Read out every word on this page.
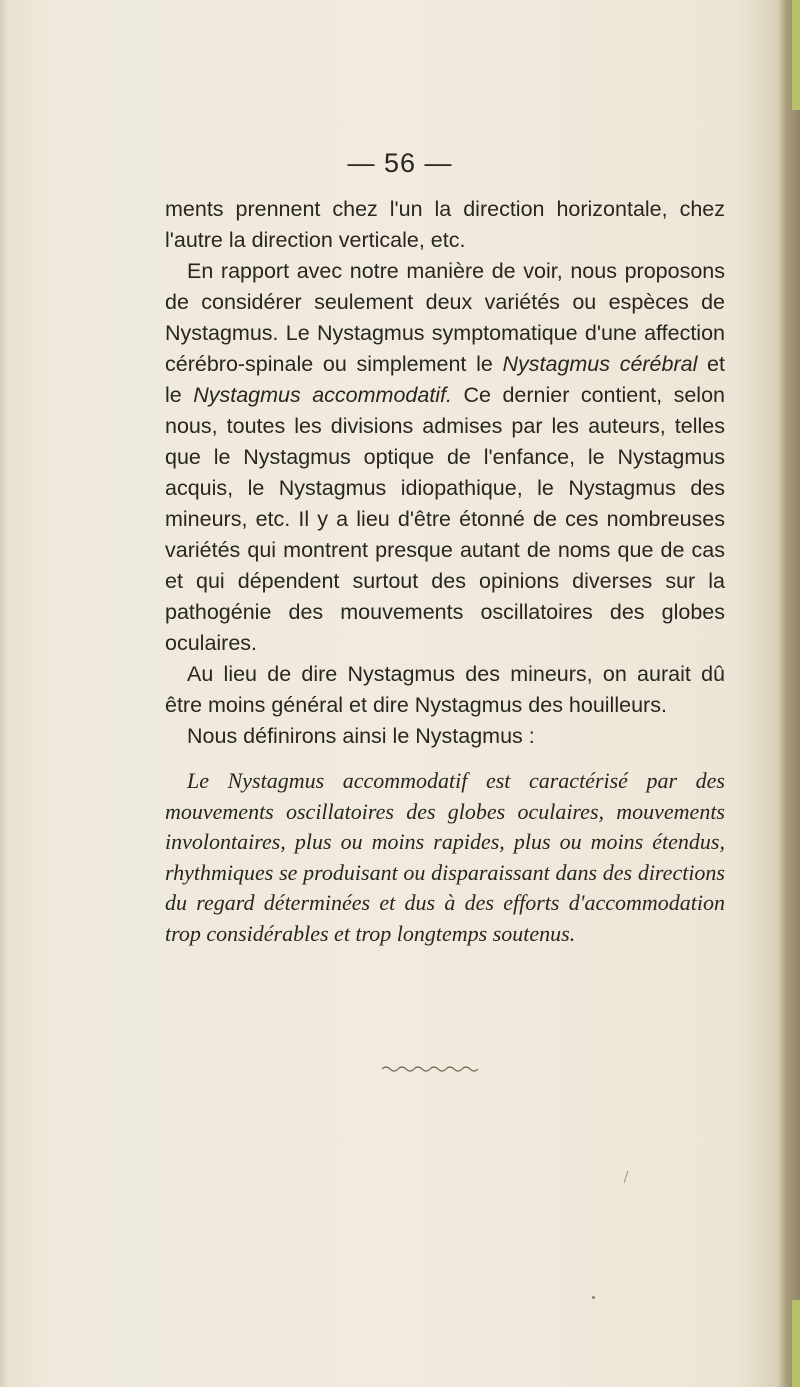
— 56 —

ments prennent chez l'un la direction horizontale, chez l'autre la direction verticale, etc.

En rapport avec notre manière de voir, nous proposons de considérer seulement deux variétés ou espèces de Nystagmus. Le Nystagmus symptomatique d'une affection cérébro-spinale ou simplement le Nystagmus cérébral et le Nystagmus accommodatif. Ce dernier contient, selon nous, toutes les divisions admises par les auteurs, telles que le Nystagmus optique de l'enfance, le Nystagmus acquis, le Nystagmus idiopathique, le Nystagmus des mineurs, etc. Il y a lieu d'être étonné de ces nombreuses variétés qui montrent presque autant de noms que de cas et qui dépendent surtout des opinions diverses sur la pathogénie des mouvements oscillatoires des globes oculaires.

Au lieu de dire Nystagmus des mineurs, on aurait dû être moins général et dire Nystagmus des houilleurs.

Nous définirons ainsi le Nystagmus :

Le Nystagmus accommodatif est caractérisé par des mouvements oscillatoires des globes oculaires, mouvements involontaires, plus ou moins rapides, plus ou moins étendus, rhythmiques se produisant ou disparaissant dans des directions du regard déterminées et dus à des efforts d'accommodation trop considérables et trop longtemps soutenus.
